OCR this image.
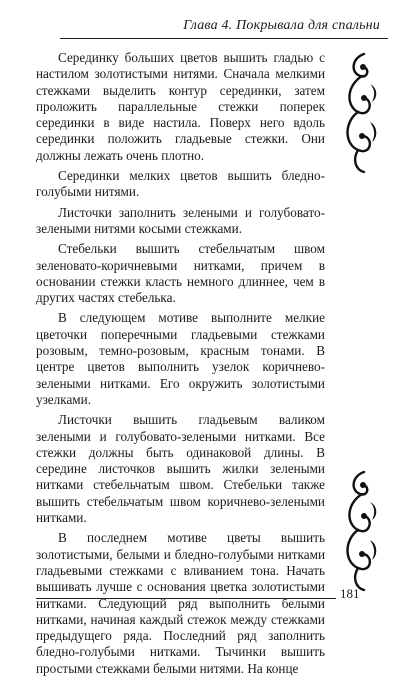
Глава 4. Покрывала для спальни

Серединку больших цветов вышить гладью с настилом золотистыми нитями. Сначала мелкими стежками выделить контур серединки, затем проложить параллельные стежки поперек серединки в виде настила. Поверх него вдоль серединки положить гладьевые стежки. Они должны лежать очень плотно.

Серединки мелких цветов вышить бледно-голубыми нитями.

Листочки заполнить зелеными и голубовато-зелеными нитями косыми стежками.

Стебельки вышить стебельчатым швом зеленовато-коричневыми нитками, причем в основании стежки класть немного длиннее, чем в других частях стебелька.

В следующем мотиве выполните мелкие цветочки поперечными гладьевыми стежками розовым, темно-розовым, красным тонами. В центре цветов выполнить узелок коричнево-зелеными нитками. Его окружить золотистыми узелками.

Листочки вышить гладьевым валиком зелеными и голубовато-зелеными нитками. Все стежки должны быть одинаковой длины. В середине листочков вышить жилки зелеными нитками стебельчатым швом. Стебельки также вышить стебельчатым швом коричнево-зелеными нитками.

В последнем мотиве цветы вышить золотистыми, белыми и бледно-голубыми нитками гладьевыми стежками с вливанием тона. Начать вышивать лучше с основания цветка золотистыми нитками. Следующий ряд выполнить белыми нитками, начиная каждый стежок между стежками предыдущего ряда. Последний ряд заполнить бледно-голубыми нитками. Тычинки вышить простыми стежками белыми нитями. На конце

181
